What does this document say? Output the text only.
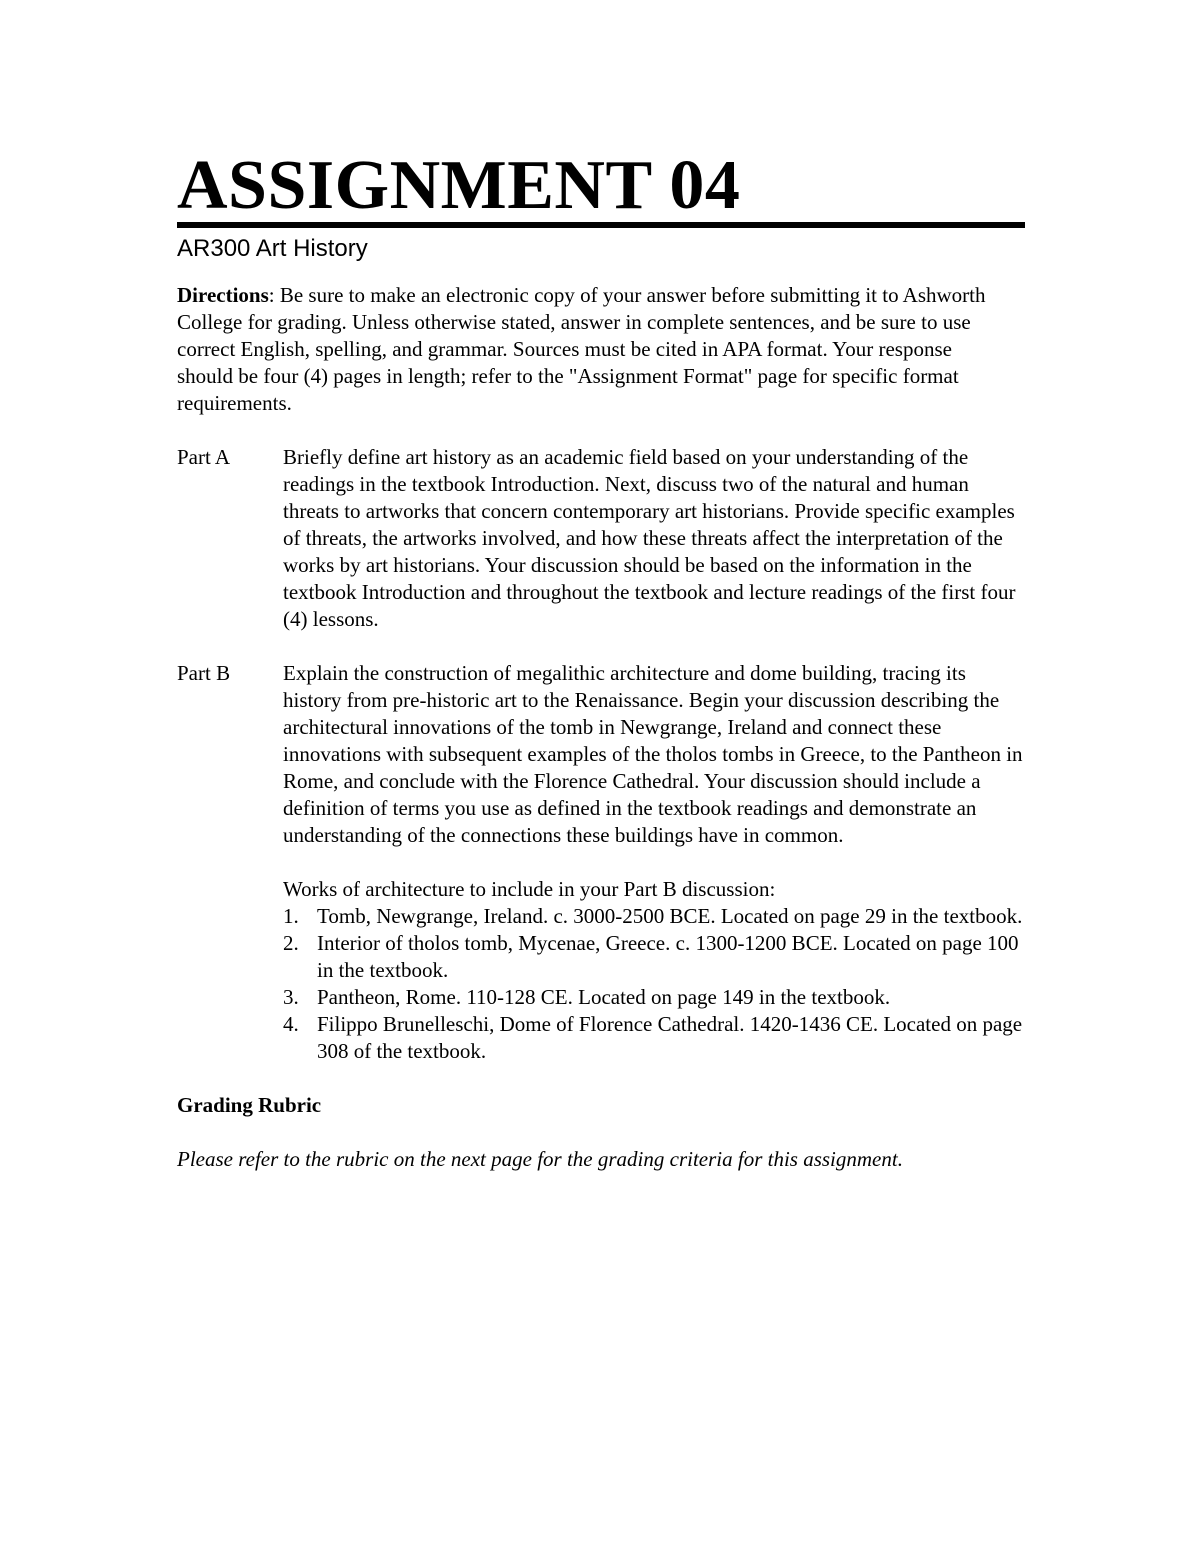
ASSIGNMENT 04
AR300 Art History

Directions: Be sure to make an electronic copy of your answer before submitting it to Ashworth College for grading. Unless otherwise stated, answer in complete sentences, and be sure to use correct English, spelling, and grammar. Sources must be cited in APA format. Your response should be four (4) pages in length; refer to the "Assignment Format" page for specific format requirements.

Part A	Briefly define art history as an academic field based on your understanding of the readings in the textbook Introduction. Next, discuss two of the natural and human threats to artworks that concern contemporary art historians. Provide specific examples of threats, the artworks involved, and how these threats affect the interpretation of the works by art historians. Your discussion should be based on the information in the textbook Introduction and throughout the textbook and lecture readings of the first four (4) lessons.
Part B	Explain the construction of megalithic architecture and dome building, tracing its history from pre-historic art to the Renaissance. Begin your discussion describing the architectural innovations of the tomb in Newgrange, Ireland and connect these innovations with subsequent examples of the tholos tombs in Greece, to the Pantheon in Rome, and conclude with the Florence Cathedral. Your discussion should include a definition of terms you use as defined in the textbook readings and demonstrate an understanding of the connections these buildings have in common.
Works of architecture to include in your Part B discussion:
1. Tomb, Newgrange, Ireland. c. 3000-2500 BCE. Located on page 29 in the textbook.
2. Interior of tholos tomb, Mycenae, Greece. c. 1300-1200 BCE. Located on page 100 in the textbook.
3. Pantheon, Rome. 110-128 CE. Located on page 149 in the textbook.
4. Filippo Brunelleschi, Dome of Florence Cathedral. 1420-1436 CE. Located on page 308 of the textbook.
Grading Rubric
Please refer to the rubric on the next page for the grading criteria for this assignment.
